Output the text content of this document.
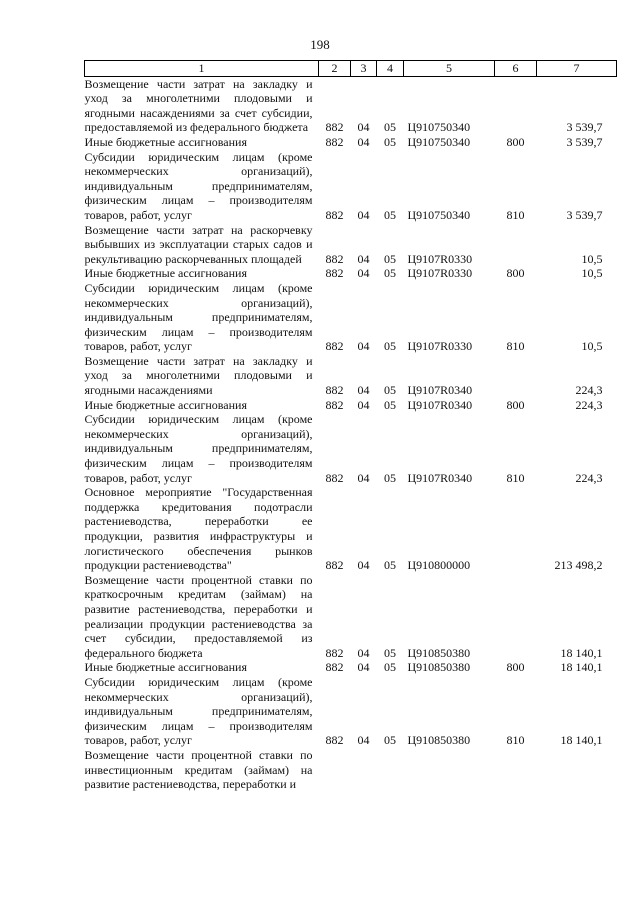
198
1	2	3	4	5	6	7
Возмещение части затрат на закладку и уход за многолетними плодовыми и ягодными насаждениями за счет субсидии, предоставляемой из федерального бюджета	882	04	05	Ц910750340		3 539,7
Иные бюджетные ассигнования	882	04	05	Ц910750340	800	3 539,7
Субсидии юридическим лицам (кроме некоммерческих организаций), индивидуальным предпринимателям, физическим лицам – производителям товаров, работ, услуг	882	04	05	Ц910750340	810	3 539,7
Возмещение части затрат на раскорчевку выбывших из эксплуатации старых садов и рекультивацию раскорчеванных площадей	882	04	05	Ц9107R0330		10,5
Иные бюджетные ассигнования	882	04	05	Ц9107R0330	800	10,5
Субсидии юридическим лицам (кроме некоммерческих организаций), индивидуальным предпринимателям, физическим лицам – производителям товаров, работ, услуг	882	04	05	Ц9107R0330	810	10,5
Возмещение части затрат на закладку и уход за многолетними плодовыми и ягодными насаждениями	882	04	05	Ц9107R0340		224,3
Иные бюджетные ассигнования	882	04	05	Ц9107R0340	800	224,3
Субсидии юридическим лицам (кроме некоммерческих организаций), индивидуальным предпринимателям, физическим лицам – производителям товаров, работ, услуг	882	04	05	Ц9107R0340	810	224,3
Основное мероприятие "Государственная поддержка кредитования подотрасли растениеводства, переработки ее продукции, развития инфраструктуры и логистического обеспечения рынков продукции растениеводства"	882	04	05	Ц910800000		213 498,2
Возмещение части процентной ставки по краткосрочным кредитам (займам) на развитие растениеводства, переработки и реализации продукции растениеводства за счет субсидии, предоставляемой из федерального бюджета	882	04	05	Ц910850380		18 140,1
Иные бюджетные ассигнования	882	04	05	Ц910850380	800	18 140,1
Субсидии юридическим лицам (кроме некоммерческих организаций), индивидуальным предпринимателям, физическим лицам – производителям товаров, работ, услуг	882	04	05	Ц910850380	810	18 140,1
Возмещение части процентной ставки по инвестиционным кредитам (займам) на развитие растениеводства, переработки и						
